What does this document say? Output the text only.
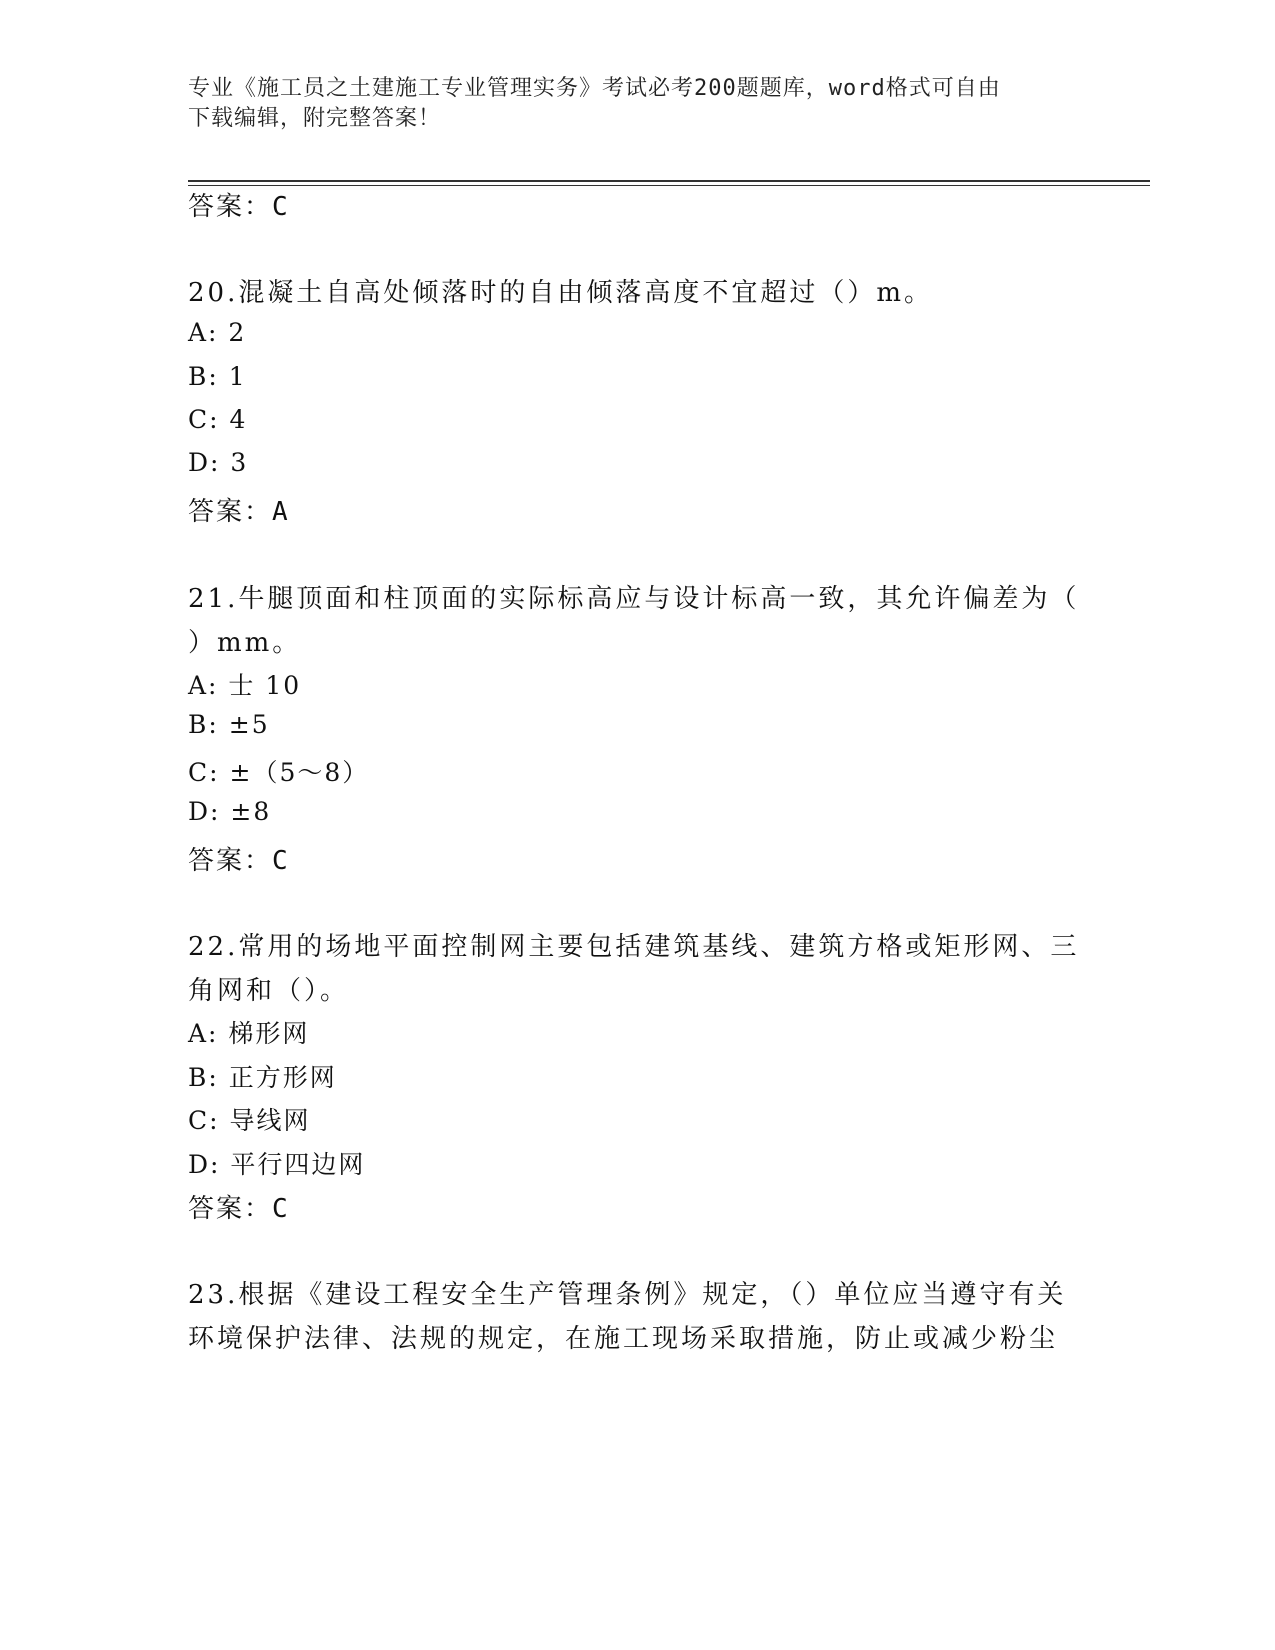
专业《施工员之土建施工专业管理实务》考试必考200题题库，word格式可自由
下载编辑，附完整答案！
答案：C
20.混凝土自高处倾落时的自由倾落高度不宜超过（）m。
A: 2
B: 1
C: 4
D: 3
答案：A
21.牛腿顶面和柱顶面的实际标高应与设计标高一致，其允许偏差为（
）mm。
A: 士 10
B: ±5
C: ±（5～8）
D: ±8
答案：C
22.常用的场地平面控制网主要包括建筑基线、建筑方格或矩形网、三
角网和（）。
A: 梯形网
B: 正方形网
C: 导线网
D: 平行四边网
答案：C
23.根据《建设工程安全生产管理条例》规定，（）单位应当遵守有关
环境保护法律、法规的规定，在施工现场采取措施，防止或减少粉尘
